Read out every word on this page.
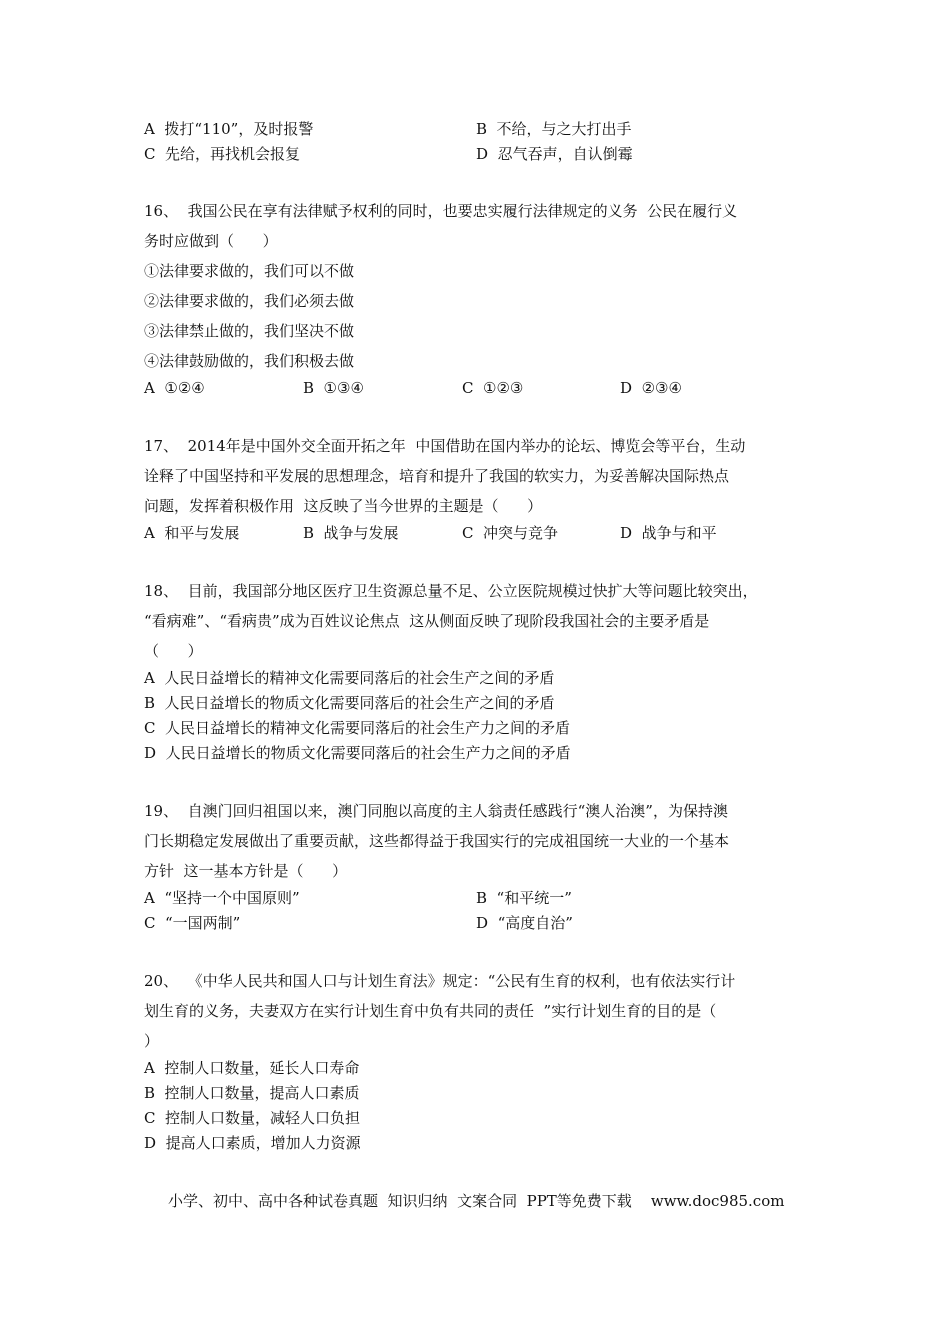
A  拨打“110”，及时报警	B  不给，与之大打出手
C  先给，再找机会报复	D  忍气吞声，自认倒霉
16、  我国公民在享有法律赋予权利的同时，也要忠实履行法律规定的义务  公民在履行义
务时应做到（      ）
①法律要求做的，我们可以不做
②法律要求做的，我们必须去做
③法律禁止做的，我们坚决不做
④法律鼓励做的，我们积极去做
A  ①②④	B  ①③④	C  ①②③	D  ②③④
17、  2014年是中国外交全面开拓之年  中国借助在国内举办的论坛、博览会等平台，生动
诠释了中国坚持和平发展的思想理念，培育和提升了我国的软实力，为妥善解决国际热点
问题，发挥着积极作用  这反映了当今世界的主题是（      ）
A  和平与发展	B  战争与发展	C  冲突与竞争	D  战争与和平
18、  目前，我国部分地区医疗卫生资源总量不足、公立医院规模过快扩大等问题比较突出，
“看病难”、“看病贵”成为百姓议论焦点  这从侧面反映了现阶段我国社会的主要矛盾是
（      ）
A  人民日益增长的精神文化需要同落后的社会生产之间的矛盾
B  人民日益增长的物质文化需要同落后的社会生产之间的矛盾
C  人民日益增长的精神文化需要同落后的社会生产力之间的矛盾
D  人民日益增长的物质文化需要同落后的社会生产力之间的矛盾
19、  自澳门回归祖国以来，澳门同胞以高度的主人翁责任感践行“澳人治澳”，为保持澳
门长期稳定发展做出了重要贡献，这些都得益于我国实行的完成祖国统一大业的一个基本
方针  这一基本方针是（      ）
A  “坚持一个中国原则”	B  “和平统一”
C  “一国两制”	D  “高度自治”
20、  《中华人民共和国人口与计划生育法》规定：“公民有生育的权利，也有依法实行计
划生育的义务，夫妻双方在实行计划生育中负有共同的责任  ”实行计划生育的目的是（
）
A  控制人口数量，延长人口寿命
B  控制人口数量，提高人口素质
C  控制人口数量，减轻人口负担
D  提高人口素质，增加人力资源
小学、初中、高中各种试卷真题  知识归纳  文案合同  PPT等免费下载    www.doc985.com
